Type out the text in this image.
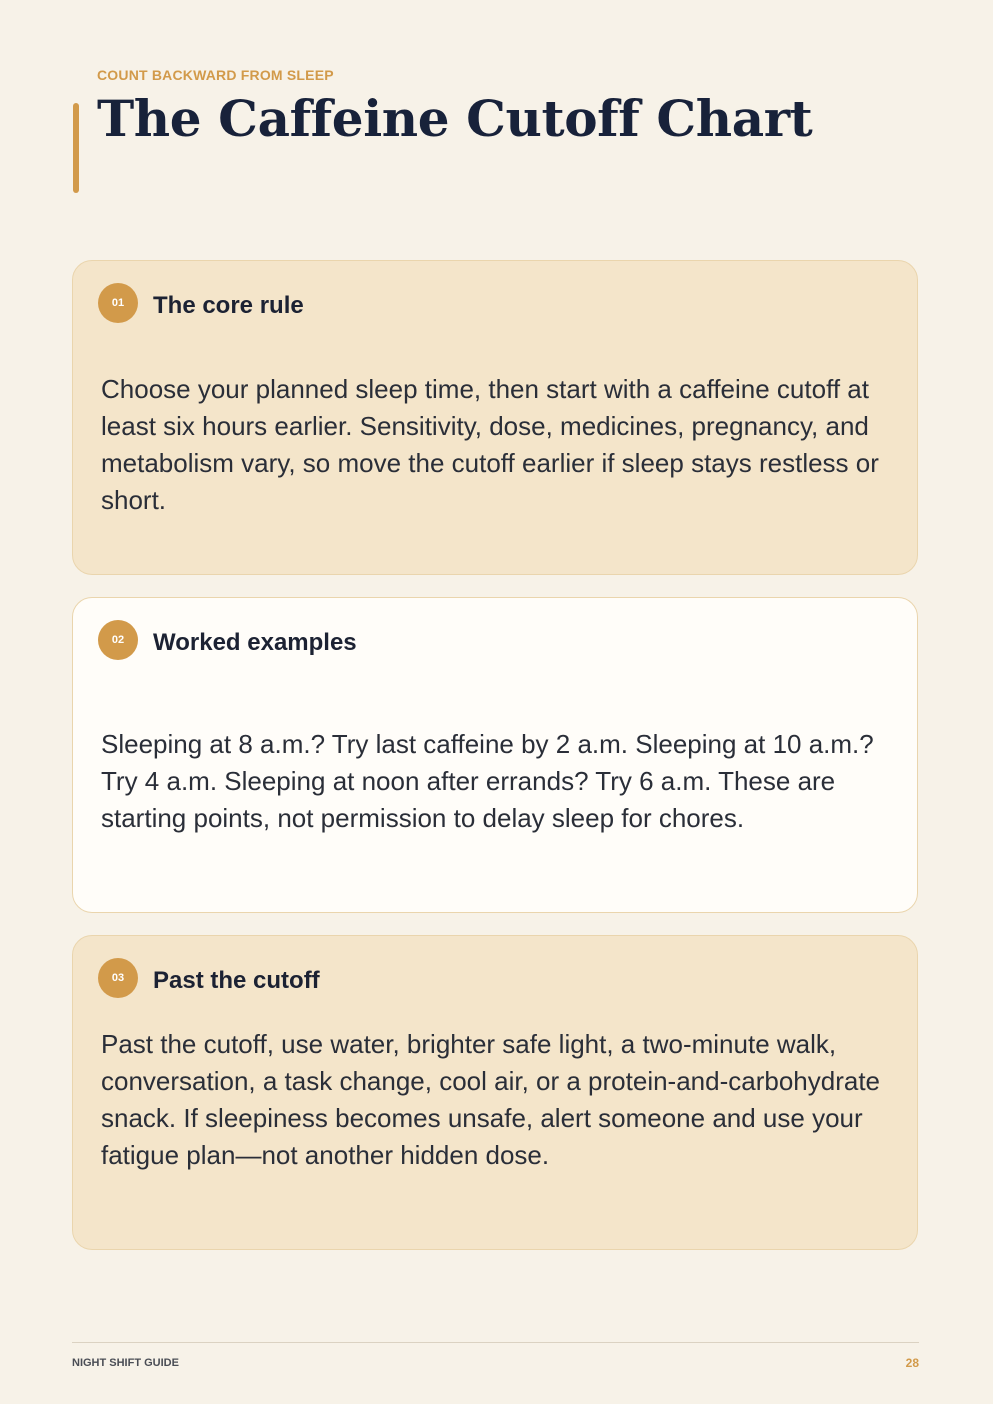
COUNT BACKWARD FROM SLEEP
The Caffeine Cutoff Chart
01	The core rule

Choose your planned sleep time, then start with a caffeine cutoff at least six hours earlier. Sensitivity, dose, medicines, pregnancy, and metabolism vary, so move the cutoff earlier if sleep stays restless or short.

02	Worked examples

Sleeping at 8 a.m.? Try last caffeine by 2 a.m. Sleeping at 10 a.m.? Try 4 a.m. Sleeping at noon after errands? Try 6 a.m. These are starting points, not permission to delay sleep for chores.

03	Past the cutoff

Past the cutoff, use water, brighter safe light, a two-minute walk, conversation, a task change, cool air, or a protein-and-carbohydrate snack. If sleepiness becomes unsafe, alert someone and use your fatigue plan—not another hidden dose.

NIGHT SHIFT GUIDE	28
